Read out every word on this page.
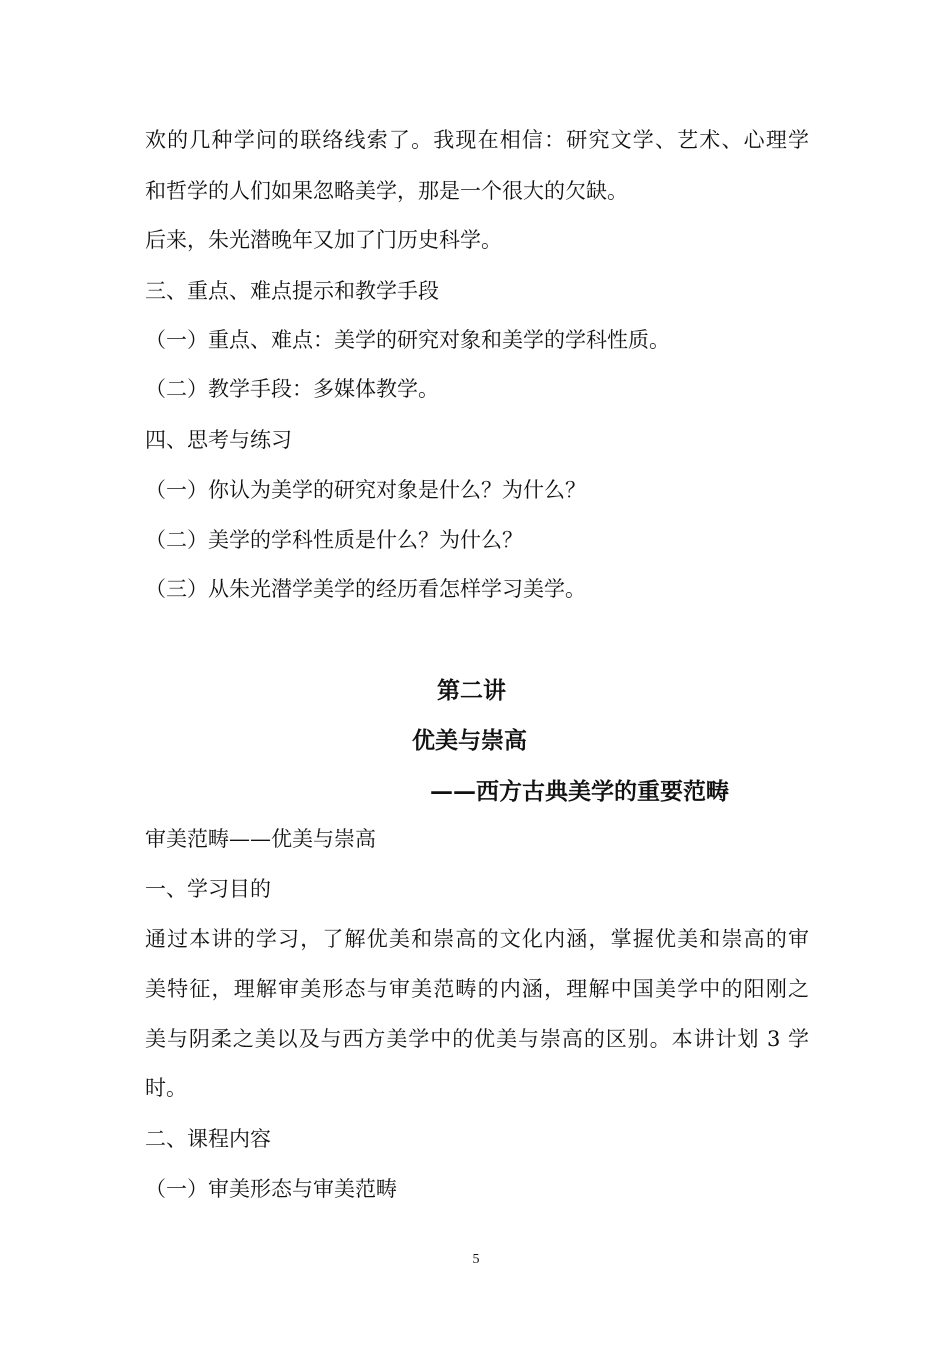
欢的几种学问的联络线索了。我现在相信：研究文学、艺术、心理学
和哲学的人们如果忽略美学，那是一个很大的欠缺。
后来，朱光潜晚年又加了门历史科学。
三、重点、难点提示和教学手段
（一）重点、难点：美学的研究对象和美学的学科性质。
（二）教学手段：多媒体教学。
四、思考与练习
（一）你认为美学的研究对象是什么？为什么？
（二）美学的学科性质是什么？为什么？
（三）从朱光潜学美学的经历看怎样学习美学。
第二讲
优美与崇高
——西方古典美学的重要范畴
审美范畴——优美与崇高
一、学习目的
通过本讲的学习，了解优美和崇高的文化内涵，掌握优美和崇高的审
美特征，理解审美形态与审美范畴的内涵，理解中国美学中的阳刚之
美与阴柔之美以及与西方美学中的优美与崇高的区别。本讲计划 3 学
时。
二、课程内容
（一）审美形态与审美范畴
5
